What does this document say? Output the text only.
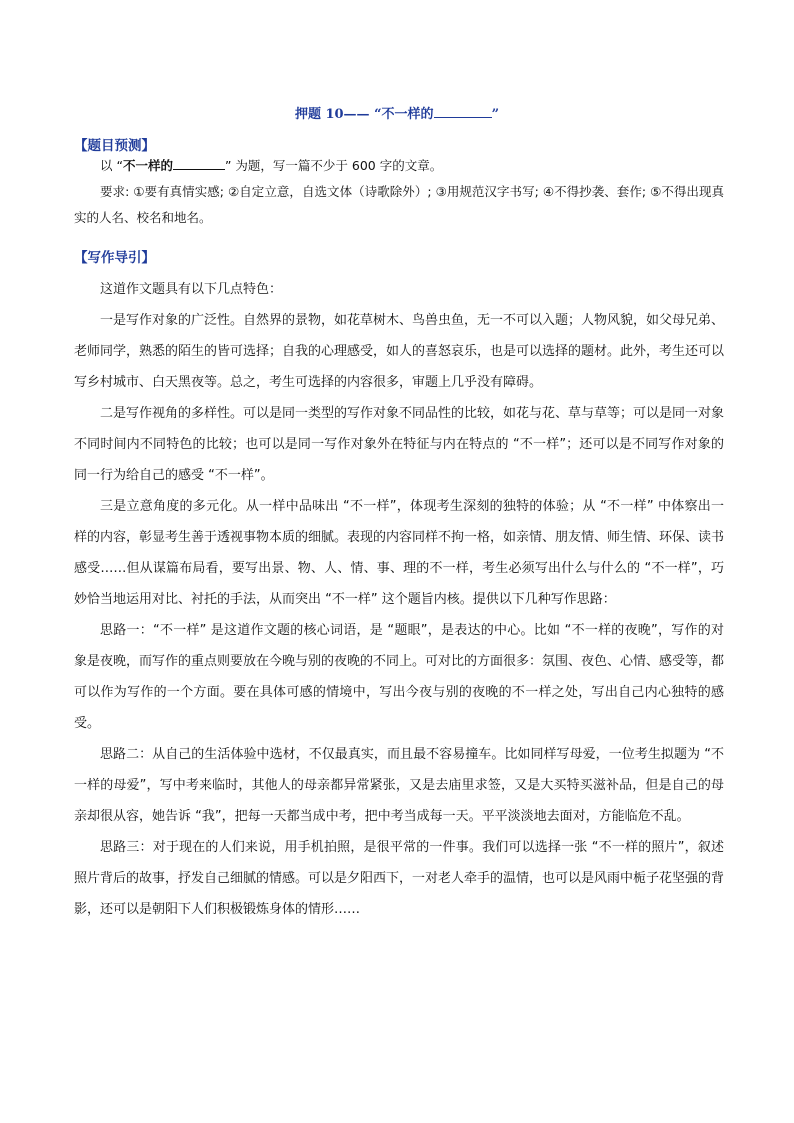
押题 10—— “不一样的	”
【题目预测】

以 “不一样的	” 为题，写一篇不少于 600 字的文章。

要求: ①要有真情实感; ②自定立意，自选文体（诗歌除外）; ③用规范汉字书写; ④不得抄袭、套作; ⑤不得出现真实的人名、校名和地名。

【写作导引】

这道作文题具有以下几点特色：

一是写作对象的广泛性。自然界的景物，如花草树木、鸟兽虫鱼，无一不可以入题；人物风貌，如父母兄弟、老师同学，熟悉的陌生的皆可选择；自我的心理感受，如人的喜怒哀乐，也是可以选择的题材。此外，考生还可以写乡村城市、白天黑夜等。总之，考生可选择的内容很多，审题上几乎没有障碍。

二是写作视角的多样性。可以是同一类型的写作对象不同品性的比较，如花与花、草与草等；可以是同一对象不同时间内不同特色的比较；也可以是同一写作对象外在特征与内在特点的 “不一样”；还可以是不同写作对象的同一行为给自己的感受 “不一样”。

三是立意角度的多元化。从一样中品味出 “不一样”，体现考生深刻的独特的体验；从 “不一样” 中体察出一样的内容，彰显考生善于透视事物本质的细腻。表现的内容同样不拘一格，如亲情、朋友情、师生情、环保、读书感受……但从谋篇布局看，要写出景、物、人、情、事、理的不一样，考生必须写出什么与什么的 “不一样”，巧妙恰当地运用对比、衬托的手法，从而突出 “不一样” 这个题旨内核。提供以下几种写作思路：

思路一：“不一样” 是这道作文题的核心词语，是 “题眼”，是表达的中心。比如 “不一样的夜晚”，写作的对象是夜晚，而写作的重点则要放在今晚与别的夜晚的不同上。可对比的方面很多：氛围、夜色、心情、感受等，都可以作为写作的一个方面。要在具体可感的情境中，写出今夜与别的夜晚的不一样之处，写出自己内心独特的感受。

思路二：从自己的生活体验中选材，不仅最真实，而且最不容易撞车。比如同样写母爱，一位考生拟题为 “不一样的母爱”，写中考来临时，其他人的母亲都异常紧张，又是去庙里求签，又是大买特买滋补品，但是自己的母亲却很从容，她告诉 “我”，把每一天都当成中考，把中考当成每一天。平平淡淡地去面对，方能临危不乱。

思路三：对于现在的人们来说，用手机拍照，是很平常的一件事。我们可以选择一张 “不一样的照片”，叙述照片背后的故事，抒发自己细腻的情感。可以是夕阳西下，一对老人牵手的温情，也可以是风雨中栀子花坚强的背影，还可以是朝阳下人们积极锻炼身体的情形……
